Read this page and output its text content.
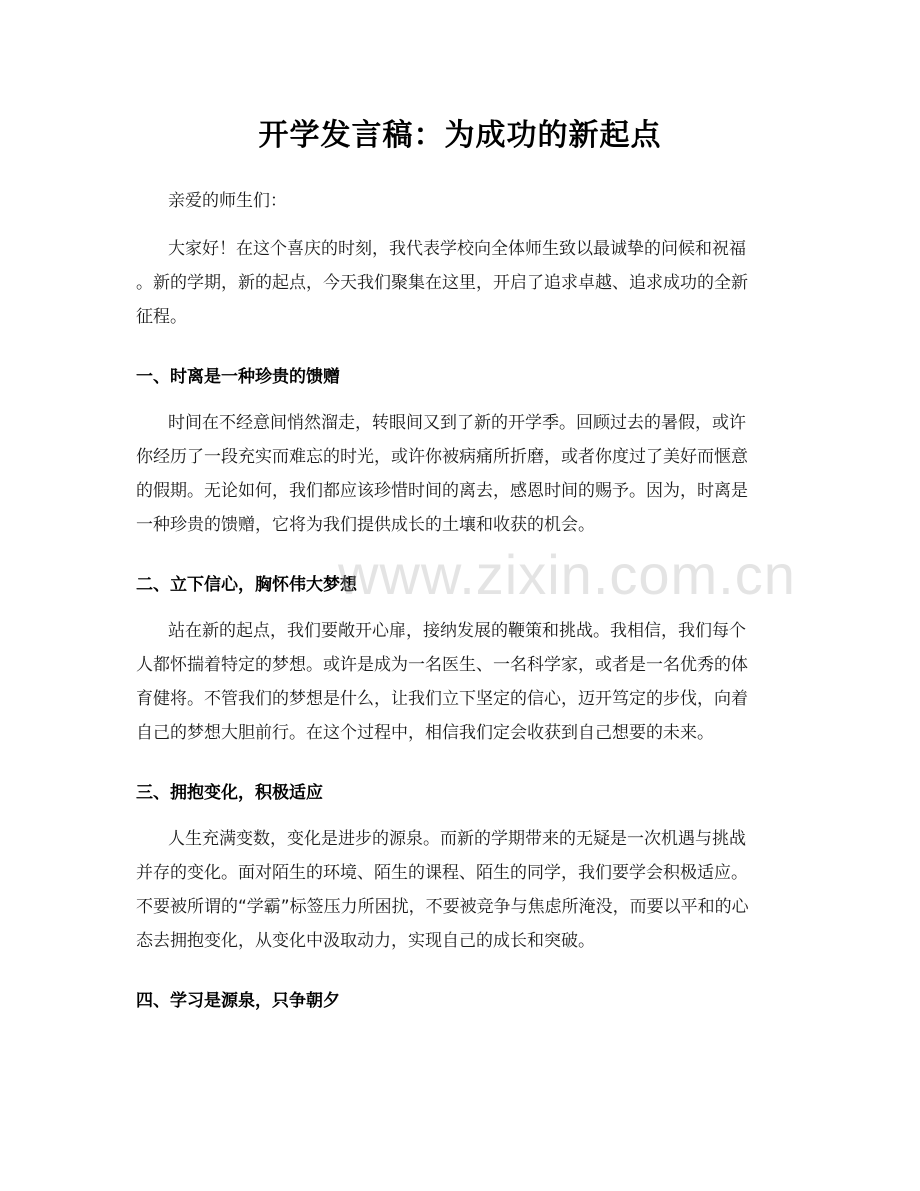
开学发言稿：为成功的新起点

亲爱的师生们：

大家好！在这个喜庆的时刻，我代表学校向全体师生致以最诚挚的问候和祝福
。新的学期，新的起点，今天我们聚集在这里，开启了追求卓越、追求成功的全新
征程。
一、时离是一种珍贵的馈赠
时间在不经意间悄然溜走，转眼间又到了新的开学季。回顾过去的暑假，或许
你经历了一段充实而难忘的时光，或许你被病痛所折磨，或者你度过了美好而惬意
的假期。无论如何，我们都应该珍惜时间的离去，感恩时间的赐予。因为，时离是
一种珍贵的馈赠，它将为我们提供成长的土壤和收获的机会。
二、立下信心，胸怀伟大梦想
站在新的起点，我们要敞开心扉，接纳发展的鞭策和挑战。我相信，我们每个
人都怀揣着特定的梦想。或许是成为一名医生、一名科学家，或者是一名优秀的体
育健将。不管我们的梦想是什么，让我们立下坚定的信心，迈开笃定的步伐，向着
自己的梦想大胆前行。在这个过程中，相信我们定会收获到自己想要的未来。
三、拥抱变化，积极适应
人生充满变数，变化是进步的源泉。而新的学期带来的无疑是一次机遇与挑战
并存的变化。面对陌生的环境、陌生的课程、陌生的同学，我们要学会积极适应。
不要被所谓的“学霸”标签压力所困扰，不要被竞争与焦虑所淹没，而要以平和的心
态去拥抱变化，从变化中汲取动力，实现自己的成长和突破。
四、学习是源泉，只争朝夕
www.zixin.com.cn
